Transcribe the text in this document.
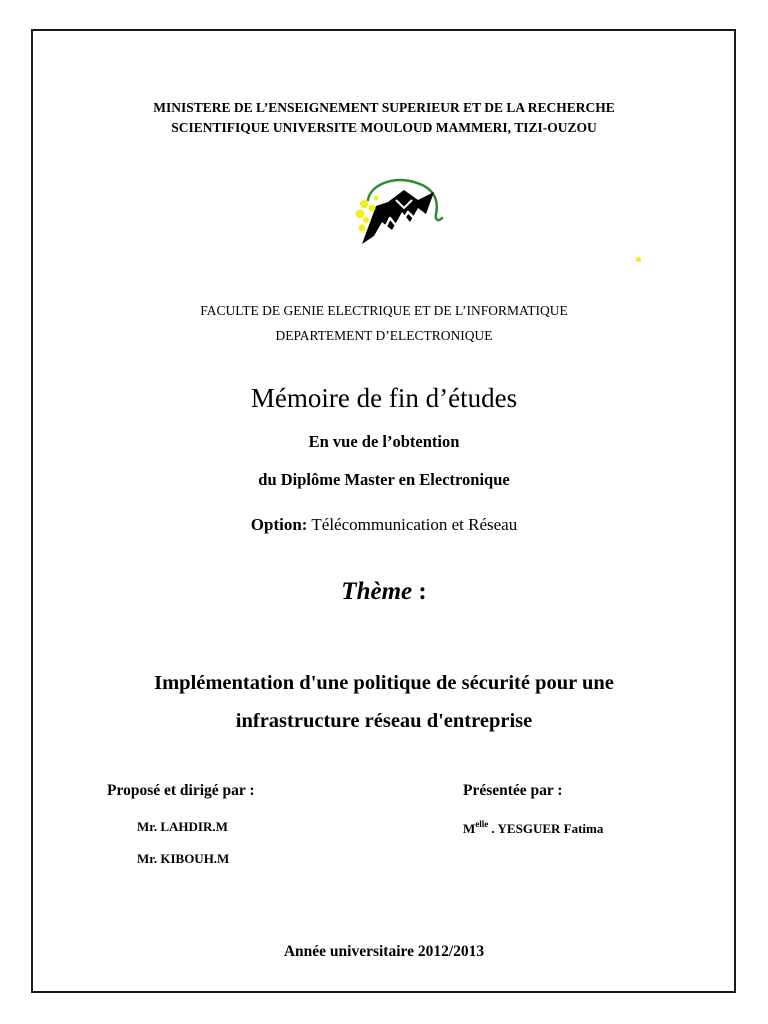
MINISTERE DE L’ENSEIGNEMENT SUPERIEUR ET DE LA RECHERCHE
SCIENTIFIQUE UNIVERSITE MOULOUD MAMMERI, TIZI-OUZOU
FACULTE DE GENIE ELECTRIQUE ET DE L’INFORMATIQUE
DEPARTEMENT D’ELECTRONIQUE
Mémoire de fin d’études
En vue de l’obtention
du Diplôme Master en Electronique
Option: Télécommunication et Réseau
Thème :
Implémentation d'une politique de sécurité pour une
infrastructure réseau d'entreprise
Proposé et dirigé par :	Présentée par :
Mr. LAHDIR.M
Mr. KIBOUH.M
$M^{elle}$ . YESGUER Fatima
Année universitaire 2012/2013
